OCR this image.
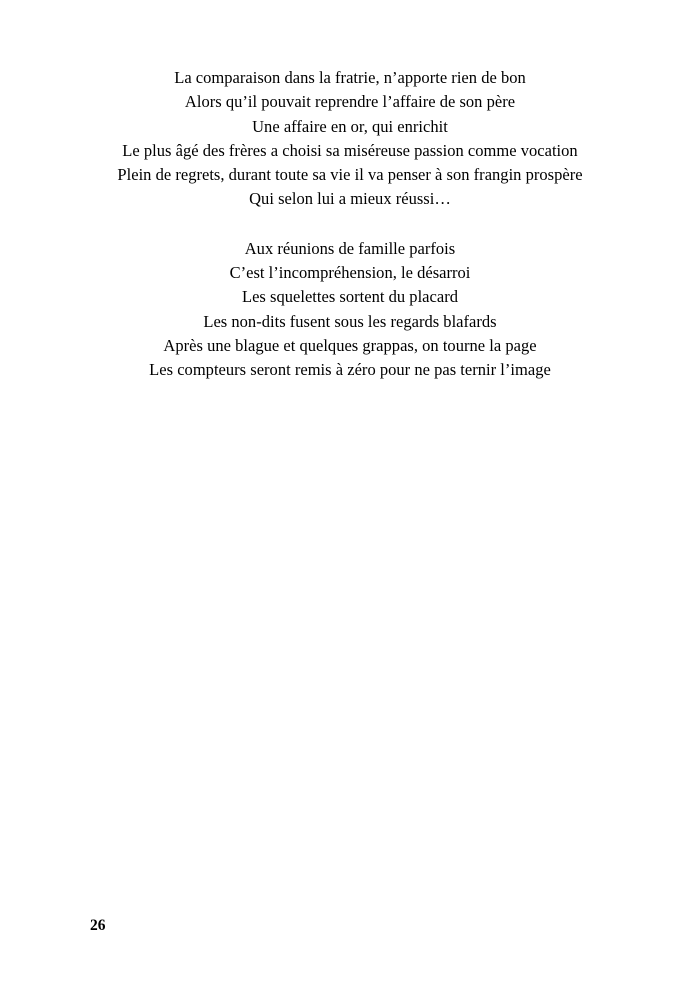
La comparaison dans la fratrie, n’apporte rien de bon
Alors qu’il pouvait reprendre l’affaire de son père
Une affaire en or, qui enrichit
Le plus âgé des frères a choisi sa miséreuse passion comme vocation
Plein de regrets, durant toute sa vie il va penser à son frangin prospère
Qui selon lui a mieux réussi…
Aux réunions de famille parfois
C’est l’incompréhension, le désarroi
Les squelettes sortent du placard
Les non-dits fusent sous les regards blafards
Après une blague et quelques grappas, on tourne la page
Les compteurs seront remis à zéro pour ne pas ternir l’image
26
